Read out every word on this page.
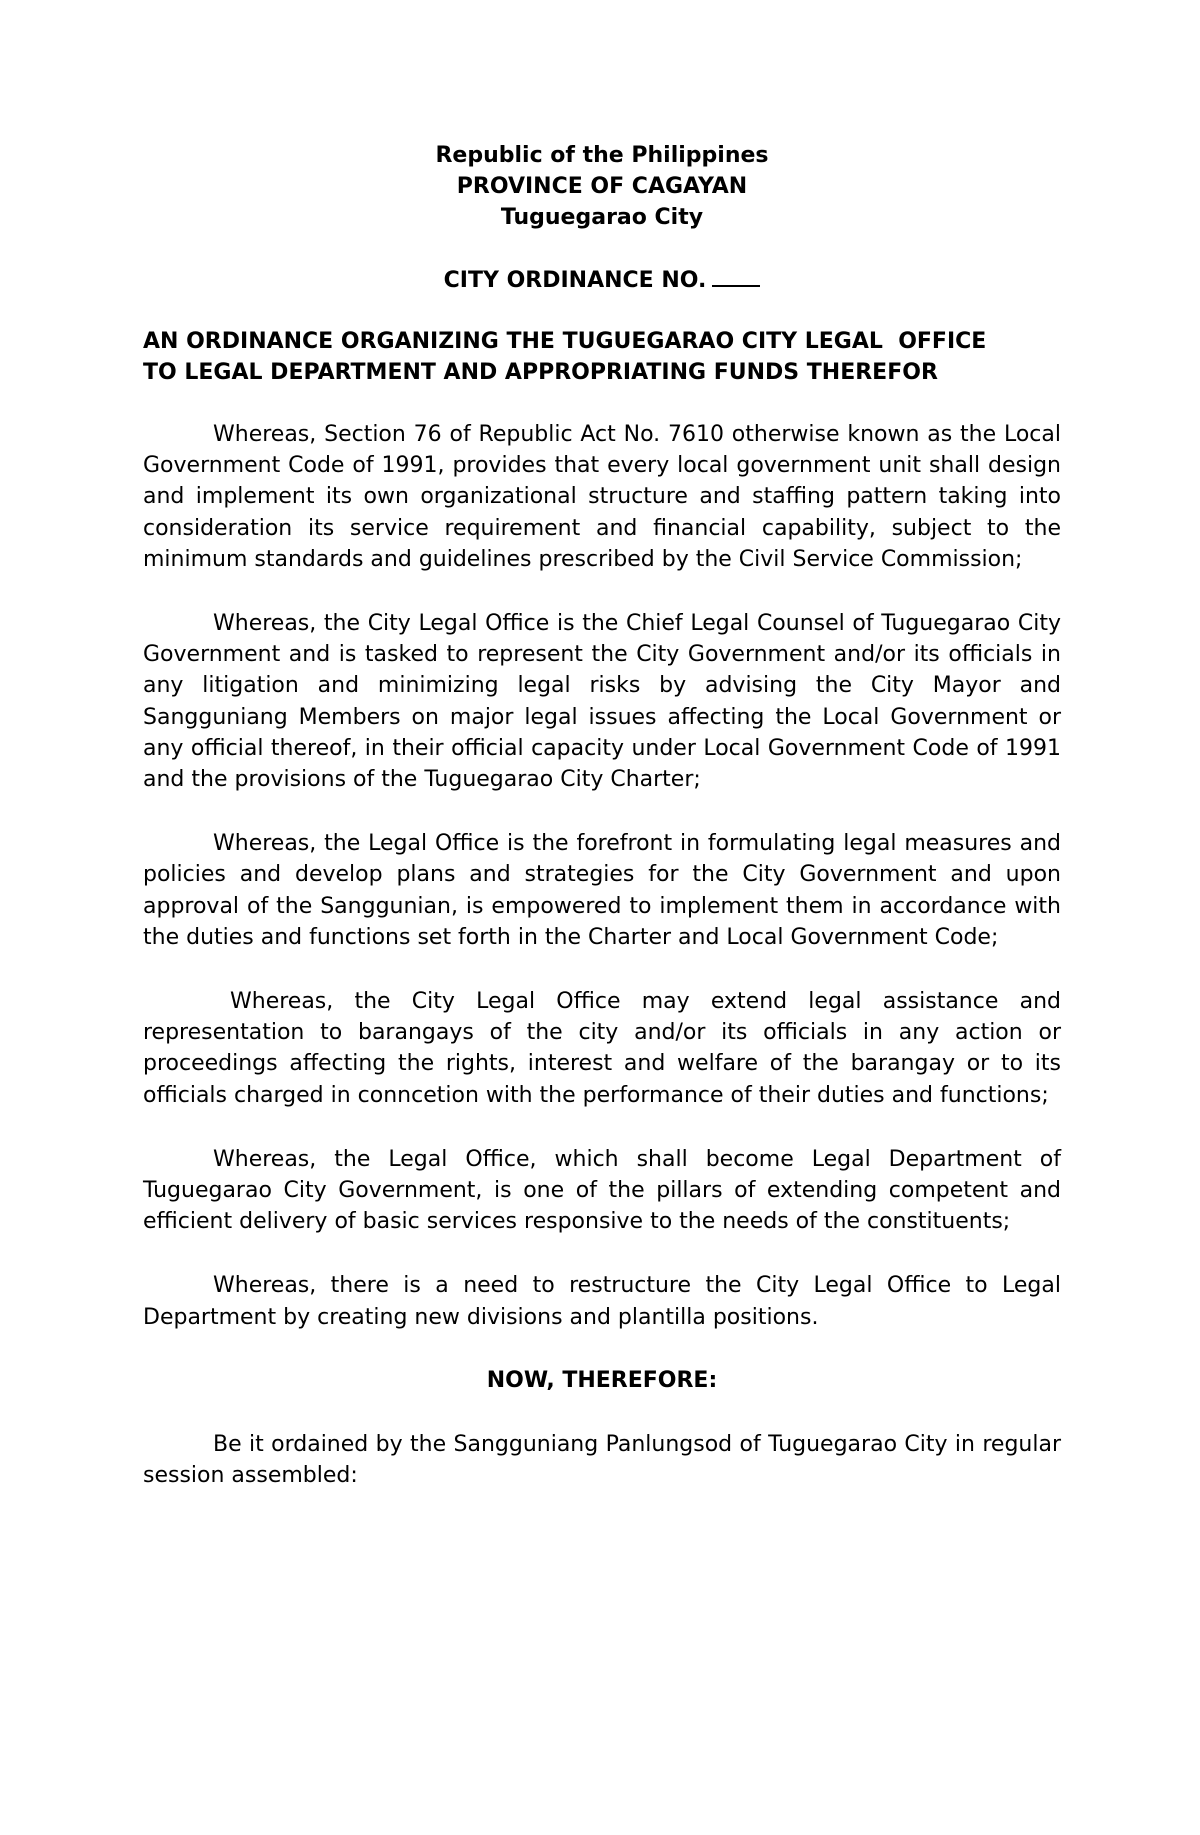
Republic of the Philippines

PROVINCE OF CAGAYAN

Tuguegarao City

CITY ORDINANCE NO.

AN ORDINANCE ORGANIZING THE TUGUEGARAO CITY LEGAL  OFFICE
TO LEGAL DEPARTMENT AND APPROPRIATING FUNDS THEREFOR

Whereas, Section 76 of Republic Act No. 7610 otherwise known as the Local Government Code of 1991, provides that every local government unit shall design and implement its own organizational structure and staffing pattern taking into consideration its service requirement and financial capability, subject to the minimum standards and guidelines prescribed by the Civil Service Commission;

Whereas, the City Legal Office is the Chief Legal Counsel of Tuguegarao City Government and is tasked to represent the City Government and/or its officials in any litigation and minimizing legal risks by advising the City Mayor and Sangguniang Members on major legal issues affecting the Local Government or any official thereof, in their official capacity under Local Government Code of 1991 and the provisions of the Tuguegarao City Charter;

Whereas, the Legal Office is the forefront in formulating legal measures and policies and develop plans and strategies for the City Government and upon approval of the Sanggunian, is empowered to implement them in accordance with the duties and functions set forth in the Charter and Local Government Code;

Whereas, the City Legal Office may extend legal assistance and representation to barangays of the city and/or its officials in any action or proceedings affecting the rights, interest and welfare of the barangay or to its officials charged in conncetion with the performance of their duties and functions;

Whereas, the Legal Office, which shall become Legal Department of Tuguegarao City Government, is one of the pillars of extending competent and efficient delivery of basic services responsive to the needs of the constituents;

Whereas, there is a need to restructure the City Legal Office to Legal Department by creating new divisions and plantilla positions.

NOW, THEREFORE:

Be it ordained by the Sangguniang Panlungsod of Tuguegarao City in regular session assembled:
